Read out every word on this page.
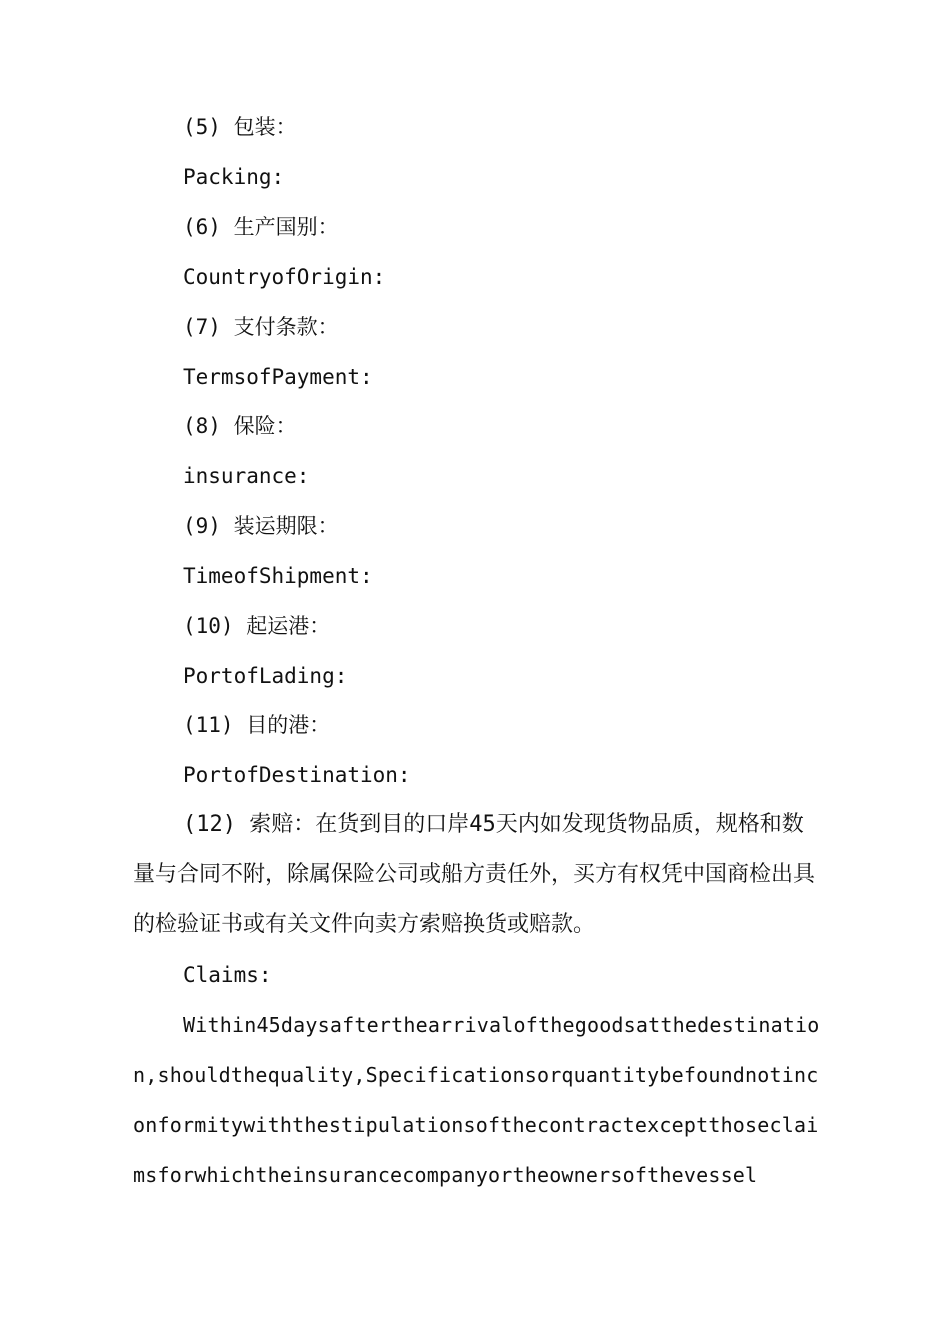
(5) 包装：
Packing:
(6) 生产国别：
CountryofOrigin:
(7) 支付条款：
TermsofPayment:
(8) 保险：
insurance:
(9) 装运期限：
TimeofShipment:
(10) 起运港：
PortofLading:
(11) 目的港：
PortofDestination:
(12) 索赔：在货到目的口岸45天内如发现货物品质，规格和数量与合同不附，除属保险公司或船方责任外，买方有权凭中国商检出具的检验证书或有关文件向卖方索赔换货或赔款。
Claims:
Within45daysafterthearrivalofthegoodsatthedestination,shouldthequality,Specificationsorquantitybefoundnotinconformitywiththestipulationsofthecontractexceptthoseclaimsforwhichtheinsurancecompanyortheownersofthevessel
